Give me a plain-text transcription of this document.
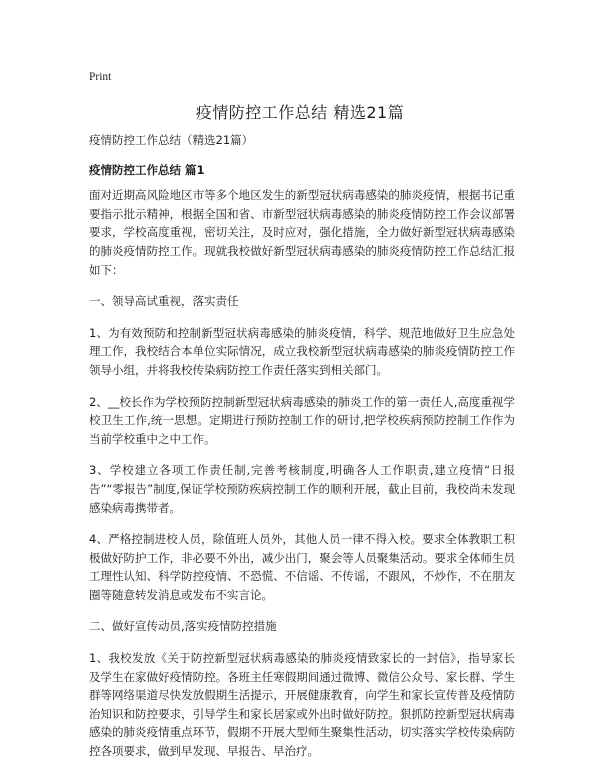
Print
疫情防控工作总结 精选21篇

疫情防控工作总结（精选21篇）

疫情防控工作总结 篇1

面对近期高风险地区市等多个地区发生的新型冠状病毒感染的肺炎疫情，根据书记重要指示批示精神，根据全国和省、市新型冠状病毒感染的肺炎疫情防控工作会议部署要求，学校高度重视，密切关注，及时应对，强化措施，全力做好新型冠状病毒感染的肺炎疫情防控工作。现就我校做好新型冠状病毒感染的肺炎疫情防控工作总结汇报如下：

一、领导高试重视，落实责任

1、为有效预防和控制新型冠状病毒感染的肺炎疫情，科学、规范地做好卫生应急处理工作，我校结合本单位实际情况，成立我校新型冠状病毒感染的肺炎疫情防控工作领导小组，并将我校传染病防控工作责任落实到相关部门。

2、__校长作为学校预防控制新型冠状病毒感染的肺炎工作的第一责任人,高度重视学校卫生工作,统一思想。定期进行预防控制工作的研讨,把学校疾病预防控制工作作为当前学校重中之中工作。

3、学校建立各项工作责任制,完善考核制度,明确各人工作职责,建立疫情“日报告”“零报告”制度,保证学校预防疾病控制工作的顺利开展，截止目前，我校尚未发现感染病毒携带者。

4、严格控制进校人员，除值班人员外，其他人员一律不得入校。要求全体教职工积极做好防护工作，非必要不外出，减少出门，聚会等人员聚集活动。要求全体师生员工理性认知、科学防控疫情、不恐慌、不信谣、不传谣，不跟风，不炒作，不在朋友圈等随意转发消息或发布不实言论。

二、做好宣传动员,落实疫情防控措施

1、我校发放《关于防控新型冠状病毒感染的肺炎疫情致家长的一封信》，指导家长及学生在家做好疫情防控。各班主任寒假期间通过微博、微信公众号、家长群、学生群等网络渠道尽快发放假期生活提示，开展健康教育，向学生和家长宣传普及疫情防治知识和防控要求，引导学生和家长居家或外出时做好防控。狠抓防控新型冠状病毒感染的肺炎疫情重点环节，假期不开展大型师生聚集性活动，切实落实学校传染病防控各项要求，做到早发现、早报告、早治疗。
